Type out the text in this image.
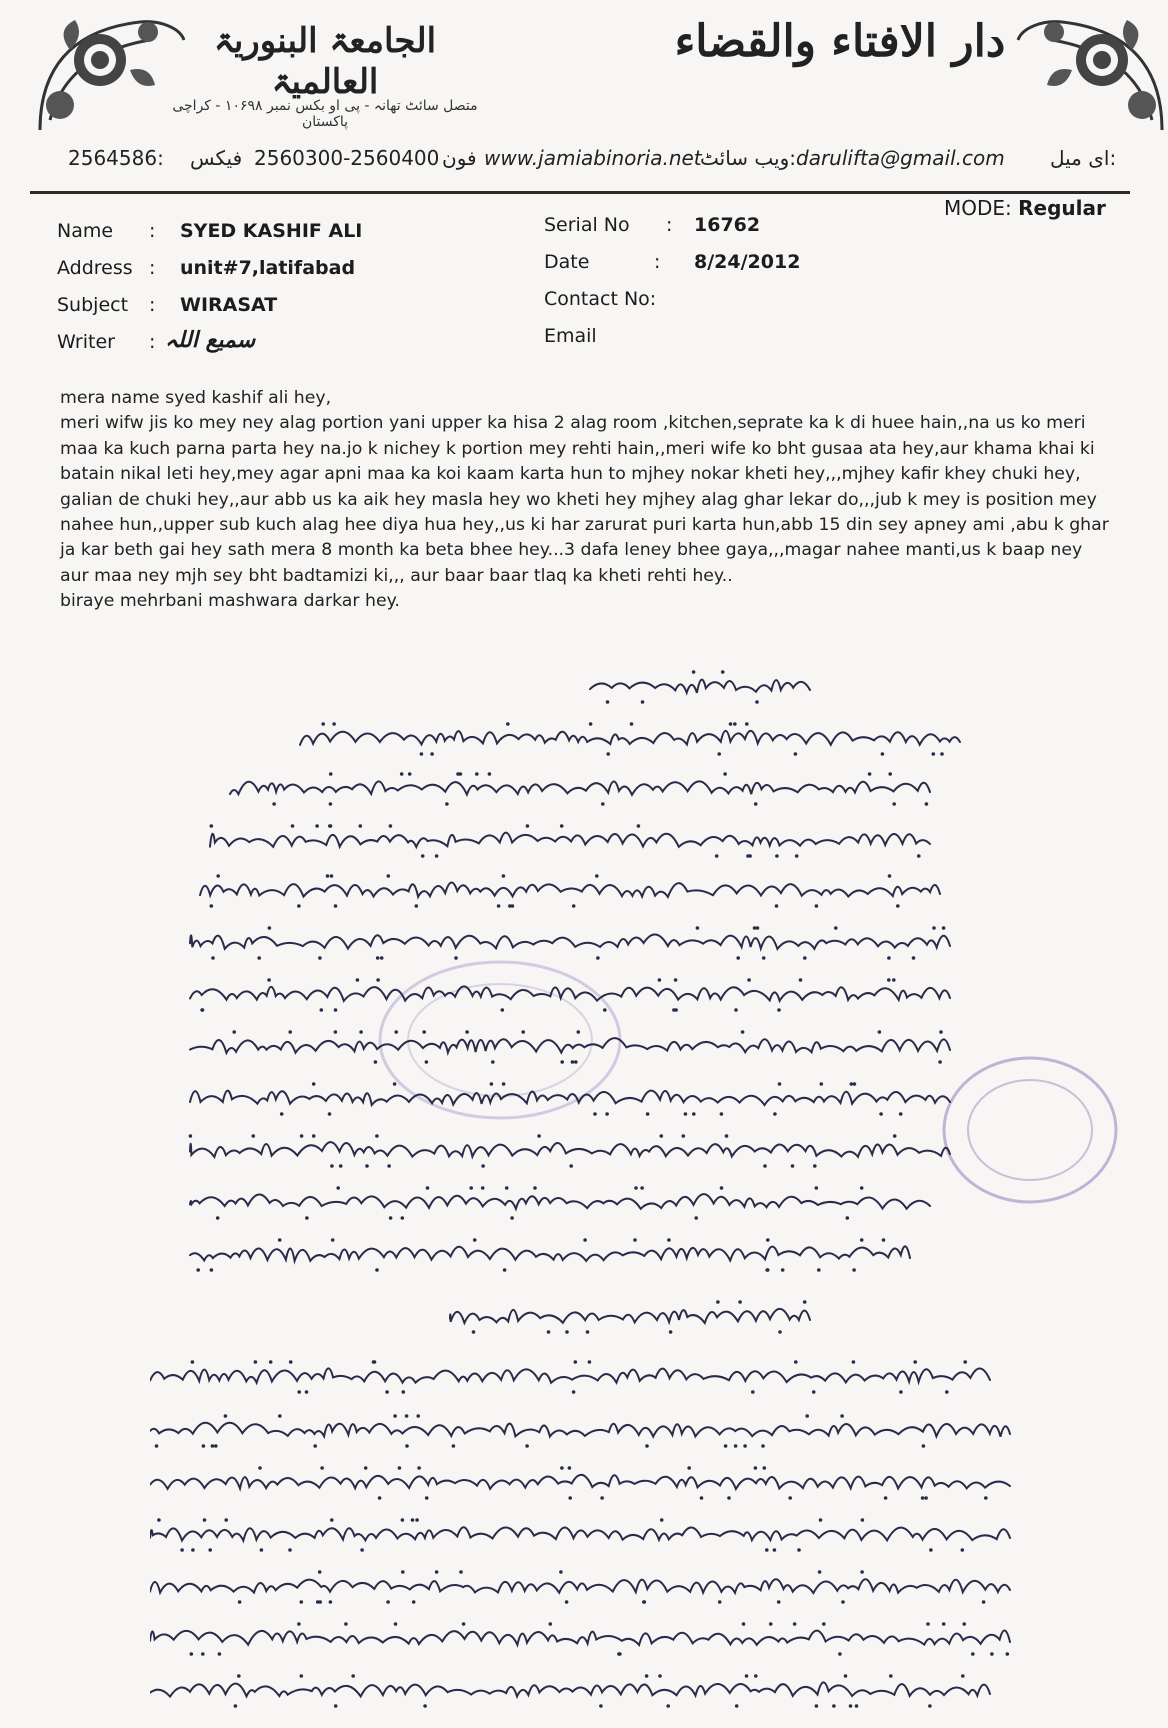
الجامعۃ البنوریۃ العالمیۃ
متصل سائٹ تھانہ - پی او بکس نمبر ۱۰۶۹۸ - کراچی پاکستان
دار الافتاء والقضاء
2564586: فیکس 2560300-2560400 فون www.jamiabinoria.net
:ویب سائٹ darulifta@gmail.com :ای میل
MODE: Regular
Name : SYED KASHIF ALI
Address : unit#7,latifabad
Subject : WIRASAT
Writer : سمیع اللہ
Serial No : 16762
Date	: 8/24/2012
Contact No:
Email

mera name syed kashif ali hey,

meri wifw jis ko mey ney alag portion yani upper ka hisa 2 alag room ,kitchen,seprate ka k di huee hain,,na us ko meri maa ka kuch parna parta hey na.jo k nichey k portion mey rehti hain,,meri wife ko bht gusaa ata hey,aur khama khai ki batain nikal leti hey,mey agar apni maa ka koi kaam karta hun to mjhey nokar kheti hey,,,mjhey kafir khey chuki hey, galian de chuki hey,,aur abb us ka aik hey masla hey wo kheti hey mjhey alag ghar lekar do,,,jub k mey is position mey nahee hun,,upper sub kuch alag hee diya hua hey,,us ki har zarurat puri karta hun,abb 15 din sey apney ami ,abu k ghar ja kar beth gai hey sath mera 8 month ka beta bhee hey...3 dafa leney bhee gaya,,,magar nahee manti,us k baap ney aur maa ney mjh sey bht badtamizi ki,,, aur baar baar tlaq ka kheti rehti hey..

biraye mehrbani mashwara darkar hey.
